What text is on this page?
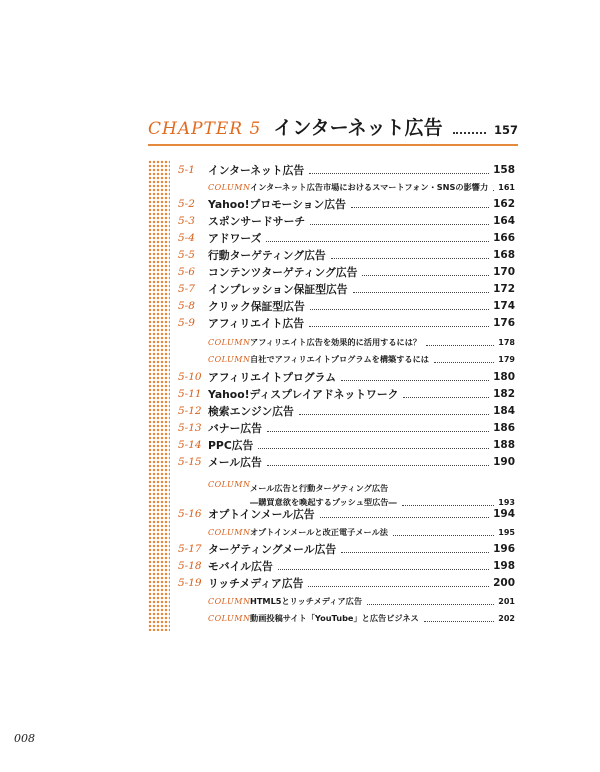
CHAPTER 5 インターネット広告	157
5-1	インターネット広告	158
COLUMN インターネット広告市場におけるスマートフォン・SNSの影響力 161
5-2	Yahoo!プロモーション広告	162
5-3	スポンサードサーチ	164
5-4	アドワーズ	166
5-5	行動ターゲティング広告	168
5-6	コンテンツターゲティング広告	170
5-7	インプレッション保証型広告	172
5-8	クリック保証型広告	174
5-9	アフィリエイト広告	176
COLUMN アフィリエイト広告を効果的に活用するには？	178
COLUMN 自社でアフィリエイトプログラムを構築するには	179
5-10 アフィリエイトプログラム	180
5-11 Yahoo!ディスプレイアドネットワーク	182
5-12 検索エンジン広告	184
5-13 バナー広告	186
5-14 PPC広告	188
5-15 メール広告	190
COLUMN メール広告と行動ターゲティング広告
―購買意欲を喚起するプッシュ型広告―	193
5-16 オプトインメール広告	194
COLUMN オプトインメールと改正電子メール法	195
5-17 ターゲティングメール広告	196
5-18 モバイル広告	198
5-19 リッチメディア広告	200
COLUMN HTML5とリッチメディア広告	201
COLUMN 動画投稿サイト「YouTube」と広告ビジネス	202
008
